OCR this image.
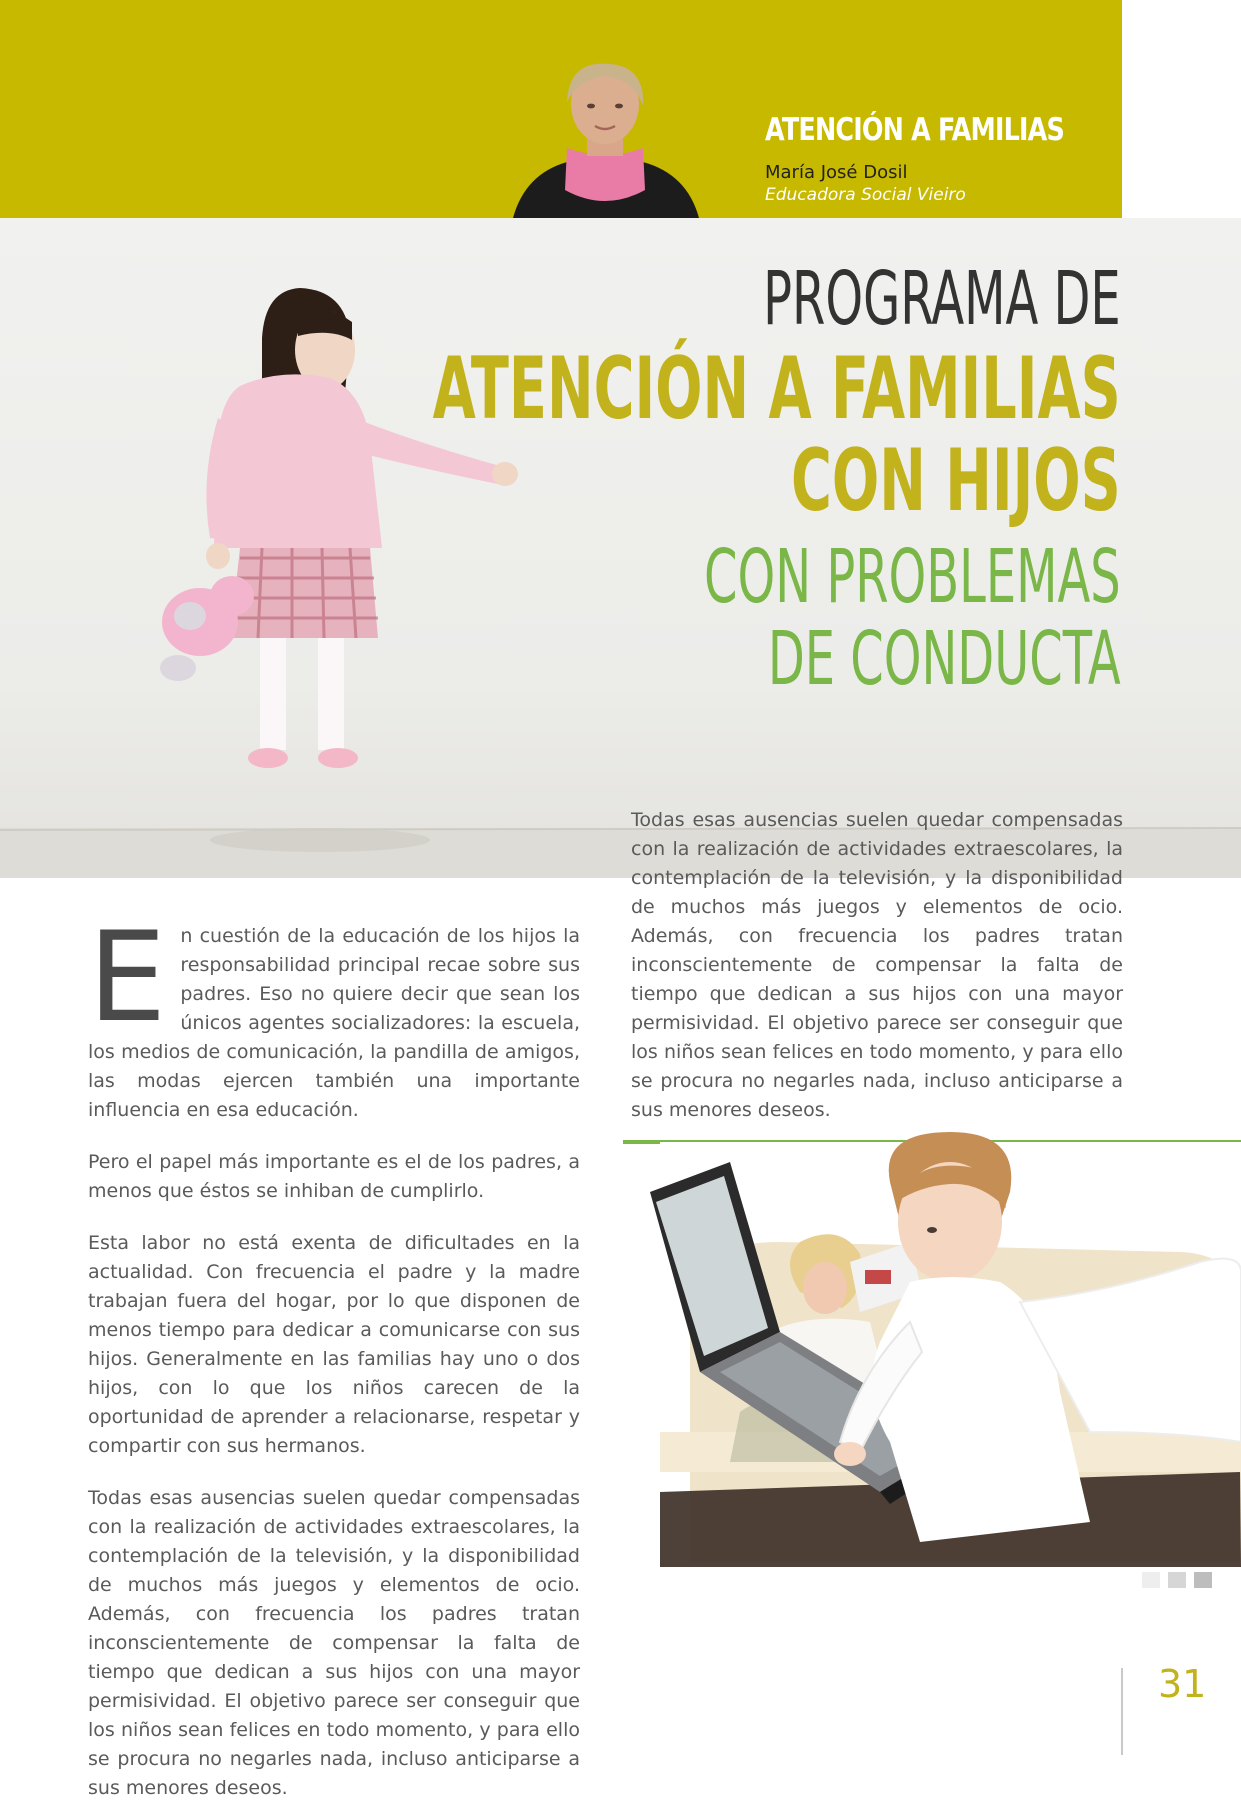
ATENCIÓN A FAMILIAS
María José Dosil
Educadora Social Vieiro
PROGRAMA DE
ATENCIÓN A FAMILIAS
CON HIJOS
CON PROBLEMAS
DE CONDUCTA

En cuestión de la educación de los hijos la responsabilidad principal recae sobre sus padres. Eso no quiere decir que sean los únicos agentes socializadores: la escuela, los medios de comunicación, la pandilla de amigos, las modas ejercen también una importante influencia en esa educación.

Pero el papel más importante es el de los padres, a menos que éstos se inhiban de cumplirlo.

Esta labor no está exenta de dificultades en la actualidad. Con frecuencia el padre y la madre trabajan fuera del hogar, por lo que disponen de menos tiempo para dedicar a comunicarse con sus hijos. Generalmente en las familias hay uno o dos hijos, con lo que los niños carecen de la oportunidad de aprender a relacionarse, respetar y compartir con sus hermanos.

Todas esas ausencias suelen quedar compensadas con la realización de actividades extraescolares, la contemplación de la televisión, y la disponibilidad de muchos más juegos y elementos de ocio. Además, con frecuencia los padres tratan inconscientemente de compensar la falta de tiempo que dedican a sus hijos con una mayor permisividad. El objetivo parece ser conseguir que los niños sean felices en todo momento, y para ello se procura no negarles nada, incluso anticiparse a sus menores deseos.

Todas esas ausencias suelen quedar compensadas con la realización de actividades extraescolares, la contemplación de la televisión, y la disponibilidad de muchos más juegos y elementos de ocio. Además, con frecuencia los padres tratan inconscientemente de compensar la falta de tiempo que dedican a sus hijos con una mayor permisividad. El objetivo parece ser conseguir que los niños sean felices en todo momento, y para ello se procura no negarles nada, incluso anticiparse a sus menores deseos.

31
